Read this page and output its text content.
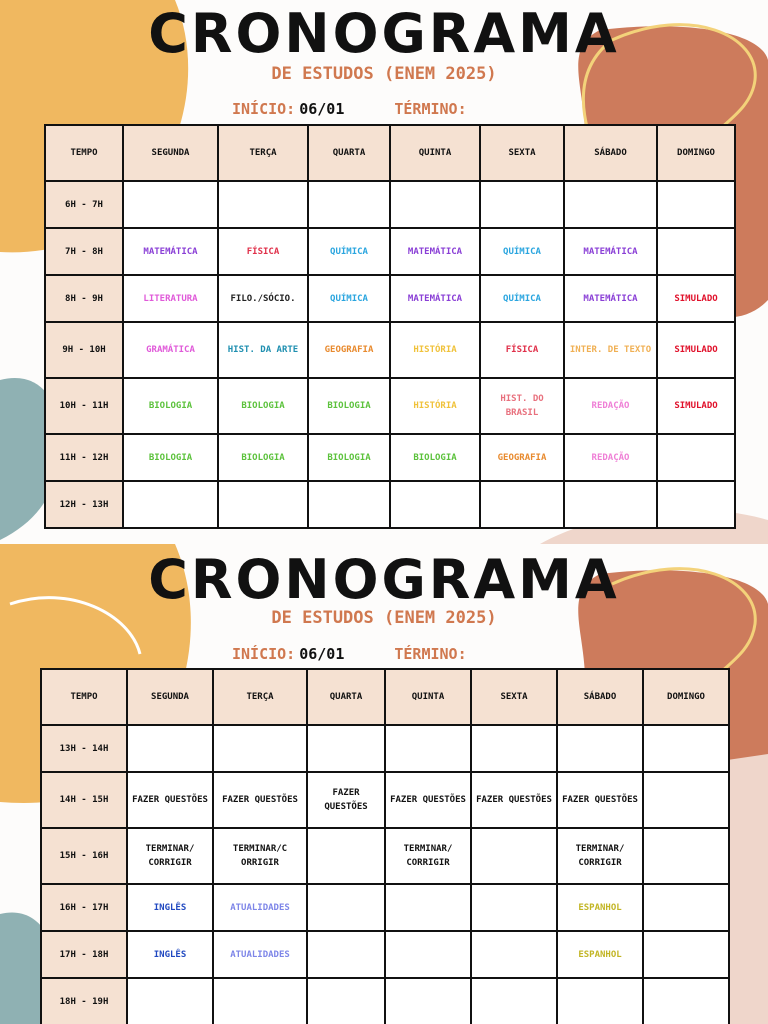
CRONOGRAMA
DE ESTUDOS (ENEM 2025)
INÍCIO: 06/01	TÉRMINO:
TEMPO	SEGUNDA	TERÇA	QUARTA	QUINTA	SEXTA	SÁBADO	DOMINGO
6H - 7H							
7H - 8H	MATEMÁTICA	FÍSICA	QUÍMICA	MATEMÁTICA	QUÍMICA	MATEMÁTICA	
8H - 9H	LITERATURA	FILO./SÓCIO.	QUÍMICA	MATEMÁTICA	QUÍMICA	MATEMÁTICA	SIMULADO
9H - 10H	GRAMÁTICA	HIST. DA ARTE	GEOGRAFIA	HISTÓRIA	FÍSICA	INTER. DE TEXTO	SIMULADO
10H - 11H	BIOLOGIA	BIOLOGIA	BIOLOGIA	HISTÓRIA	HIST. DO BRASIL	REDAÇÃO	SIMULADO
11H - 12H	BIOLOGIA	BIOLOGIA	BIOLOGIA	BIOLOGIA	GEOGRAFIA	REDAÇÃO	
12H - 13H							
CRONOGRAMA
DE ESTUDOS (ENEM 2025)
INÍCIO: 06/01	TÉRMINO:
TEMPO	SEGUNDA	TERÇA	QUARTA	QUINTA	SEXTA	SÁBADO	DOMINGO
13H - 14H							
14H - 15H	FAZER QUESTÕES	FAZER QUESTÕES	FAZER QUESTÕES	FAZER QUESTÕES	FAZER QUESTÕES	FAZER QUESTÕES	
15H - 16H	TERMINAR/ CORRIGIR	TERMINAR/C ORRIGIR		TERMINAR/ CORRIGIR		TERMINAR/ CORRIGIR	
16H - 17H	INGLÊS	ATUALIDADES				ESPANHOL	
17H - 18H	INGLÊS	ATUALIDADES				ESPANHOL	
18H - 19H							
